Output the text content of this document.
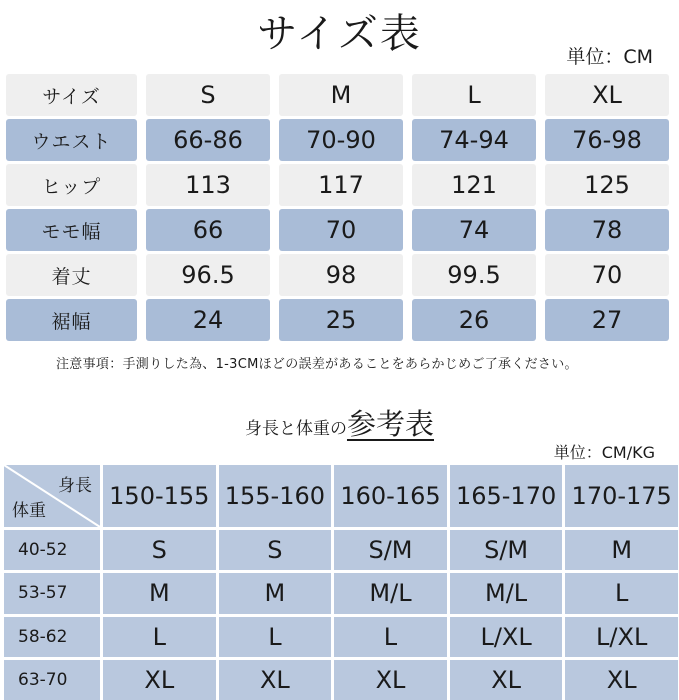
サイズ表	単位：CM
サイズ	S	M	L	XL
ウエスト	66-86	70-90	74-94	76-98
ヒップ	113	117	121	125
モモ幅	66	70	74	78
着丈	96.5	98	99.5	70
裾幅	24	25	26	27
注意事項：手測りした為、1-3CMほどの誤差があることをあらかじめご了承ください。
身長と体重の参考表
単位：CM/KG
身長
体重
150-155 155-160 160-165 165-170 170-175
40-52	S	S	S/M	S/M	M
53-57	M	M	M/L	M/L	L
58-62	L	L	L	L/XL	L/XL
63-70	XL	XL	XL	XL	XL
